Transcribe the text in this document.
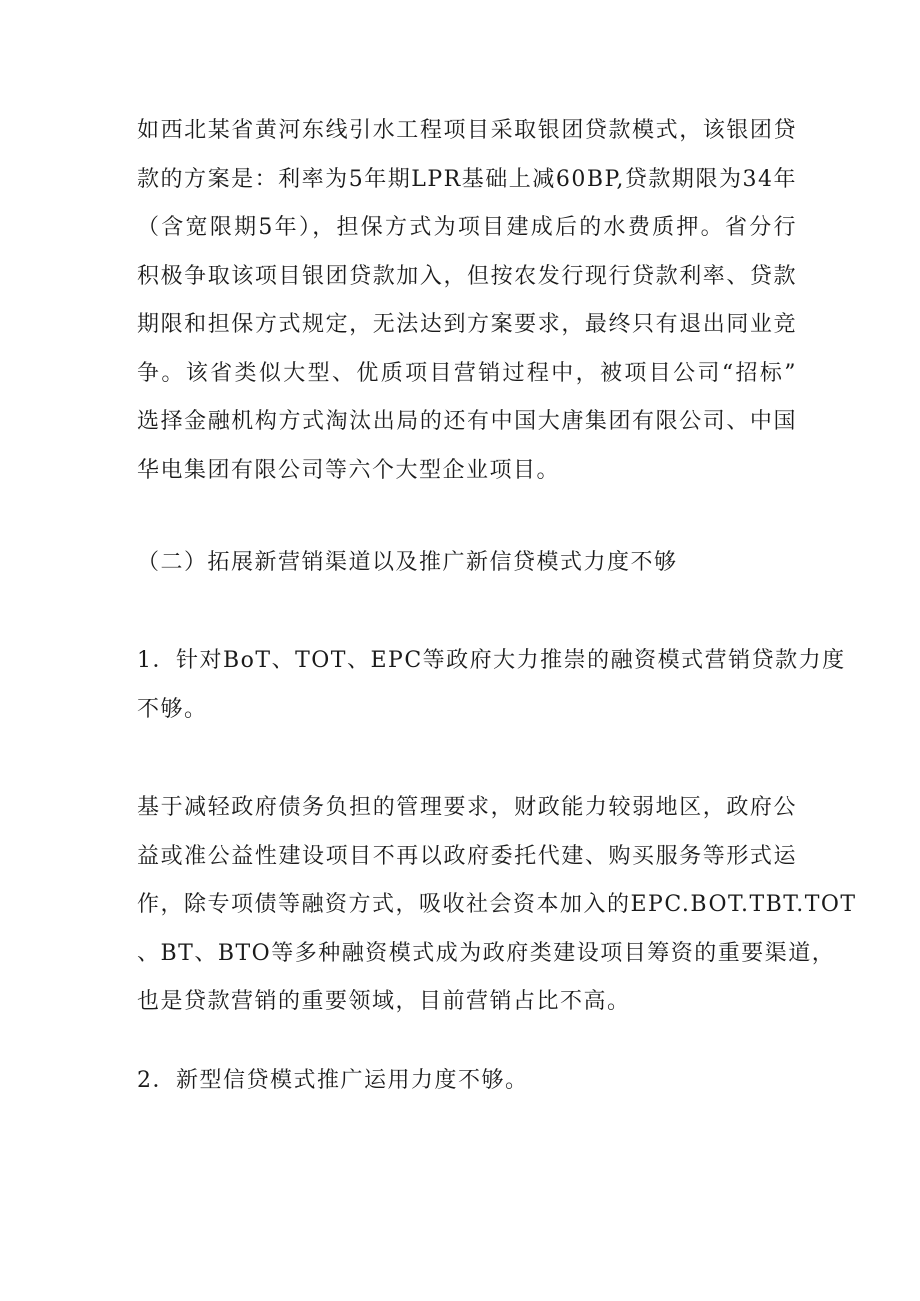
如西北某省黄河东线引水工程项目采取银团贷款模式，该银团贷
款的方案是：利率为5年期LPR基础上减60BP,贷款期限为34年
（含宽限期5年），担保方式为项目建成后的水费质押。省分行
积极争取该项目银团贷款加入，但按农发行现行贷款利率、贷款
期限和担保方式规定，无法达到方案要求，最终只有退出同业竞
争。该省类似大型、优质项目营销过程中，被项目公司“招标”
选择金融机构方式淘汰出局的还有中国大唐集团有限公司、中国
华电集团有限公司等六个大型企业项目。

（二）拓展新营销渠道以及推广新信贷模式力度不够

1．针对BoT、TOT、EPC等政府大力推崇的融资模式营销贷款力度
不够。

基于减轻政府债务负担的管理要求，财政能力较弱地区，政府公
益或准公益性建设项目不再以政府委托代建、购买服务等形式运
作，除专项债等融资方式，吸收社会资本加入的EPC.BOT.TBT.TOT
、BT、BTO等多种融资模式成为政府类建设项目筹资的重要渠道，
也是贷款营销的重要领域，目前营销占比不高。

2．新型信贷模式推广运用力度不够。
